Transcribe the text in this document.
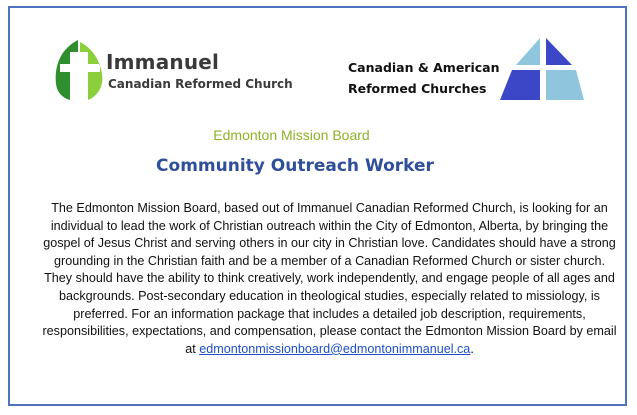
Immanuel
Canadian Reformed Church
Canadian & American
Reformed Churches
Edmonton Mission Board
Community Outreach Worker
The Edmonton Mission Board, based out of Immanuel Canadian Reformed Church, is looking for an individual to lead the work of Christian outreach within the City of Edmonton, Alberta, by bringing the gospel of Jesus Christ and serving others in our city in Christian love. Candidates should have a strong grounding in the Christian faith and be a member of a Canadian Reformed Church or sister church. They should have the ability to think creatively, work independently, and engage people of all ages and backgrounds. Post-secondary education in theological studies, especially related to missiology, is preferred. For an information package that includes a detailed job description, requirements, responsibilities, expectations, and compensation, please contact the Edmonton Mission Board by email at edmontonmissionboard@edmontonimmanuel.ca.
